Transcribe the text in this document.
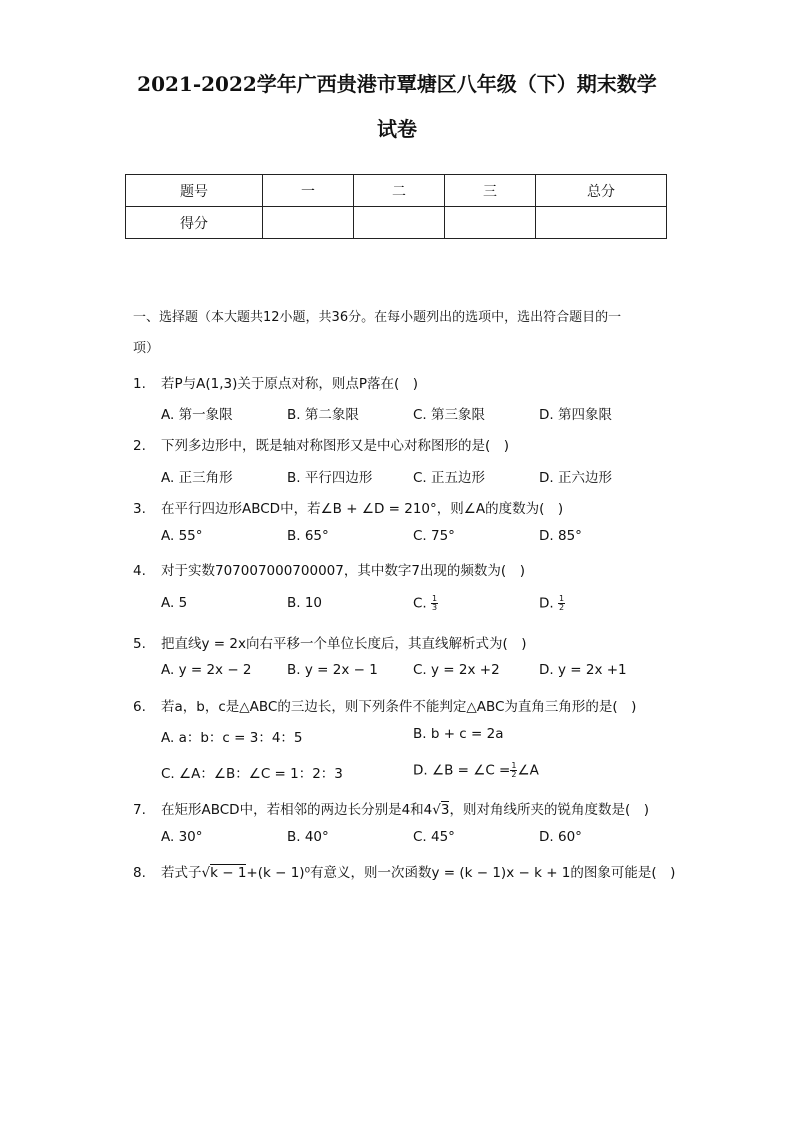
2021-2022学年广西贵港市覃塘区八年级（下）期末数学
试卷
题号	一	二	三	总分
得分				
一、选择题（本大题共12小题，共36分。在每小题列出的选项中，选出符合题目的一
项）
1. 若P与A(1,3)关于原点对称，则点P落在(　)
A. 第一象限	B. 第二象限	C. 第三象限	D. 第四象限
2. 下列多边形中，既是轴对称图形又是中心对称图形的是(　)
A. 正三角形	B. 平行四边形	C. 正五边形	D. 正六边形
3. 在平行四边形ABCD中，若∠B + ∠D = 210°，则∠A的度数为(　)
A. 55°	B. 65°	C. 75°	D. 85°
4. 对于实数707007000700007，其中数字7出现的频数为(　)
A. 5	B. 10	C. $\frac{1}{3}$	D. $\frac{1}{2}$
5. 把直线y = 2x向右平移一个单位长度后，其直线解析式为(　)
A. y = 2x − 2	B. y = 2x − 1	C. y = 2x +2	D. y = 2x +1
6. 若a，b，c是△ABC的三边长，则下列条件不能判定△ABC为直角三角形的是(　)
A. a：b：c = 3：4：5	B. b + c = 2a
C. ∠A：∠B：∠C = 1：2：3	D. ∠B = ∠C = $\frac{1}{2}$ ∠A
7. 在矩形ABCD中，若相邻的两边长分别是4和4√3，则对角线所夹的锐角度数是(　)
A. 30°	B. 40°	C. 45°	D. 60°
8. 若式子√k − 1+(k − 1)⁰有意义，则一次函数y = (k − 1)x − k + 1的图象可能是(　)
